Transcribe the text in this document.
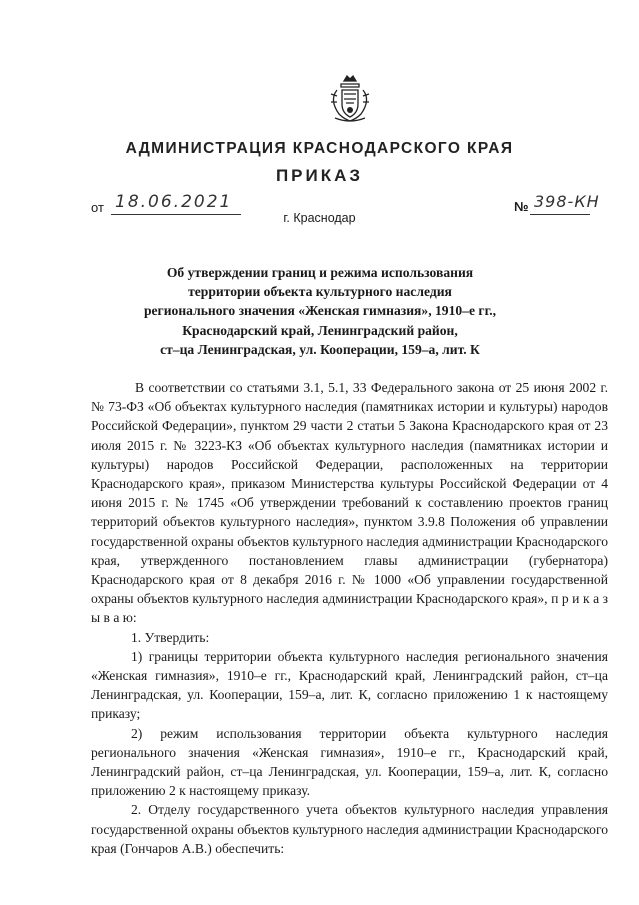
АДМИНИСТРАЦИЯ КРАСНОДАРСКОГО КРАЯ
ПРИКАЗ
от 18.06.2021
г. Краснодар
№ 398-КН
Об утверждении границ и режима использования
территории объекта культурного наследия
регионального значения «Женская гимназия», 1910–е гг.,
Краснодарский край, Ленинградский район,
ст–ца Ленинградская, ул. Кооперации, 159–а, лит. К

В соответствии со статьями 3.1, 5.1, 33 Федерального закона от 25 июня 2002 г. № 73-ФЗ «Об объектах культурного наследия (памятниках истории и культуры) народов Российской Федерации», пунктом 29 части 2 статьи 5 Закона Краснодарского края от 23 июля 2015 г. № 3223-КЗ «Об объектах культурного наследия (памятниках истории и культуры) народов Российской Федерации, расположенных на территории Краснодарского края», приказом Министерства культуры Российской Федерации от 4 июня 2015 г. № 1745 «Об утверждении требований к составлению проектов границ территорий объектов культурного наследия», пунктом 3.9.8 Положения об управлении государственной охраны объектов культурного наследия администрации Краснодарского края, утвержденного постановлением главы администрации (губернатора) Краснодарского края от 8 декабря 2016 г. № 1000 «Об управлении государственной охраны объектов культурного наследия администрации Краснодарского края», п р и к а з ы в а ю:

1. Утвердить:

1) границы территории объекта культурного наследия регионального значения «Женская гимназия», 1910–е гг., Краснодарский край, Ленинградский район, ст–ца Ленинградская, ул. Кооперации, 159–а, лит. К, согласно приложению 1 к настоящему приказу;

2) режим использования территории объекта культурного наследия регионального значения «Женская гимназия», 1910–е гг., Краснодарский край, Ленинградский район, ст–ца Ленинградская, ул. Кооперации, 159–а, лит. К, согласно приложению 2 к настоящему приказу.

2. Отделу государственного учета объектов культурного наследия управления государственной охраны объектов культурного наследия администрации Краснодарского края (Гончаров А.В.) обеспечить:
